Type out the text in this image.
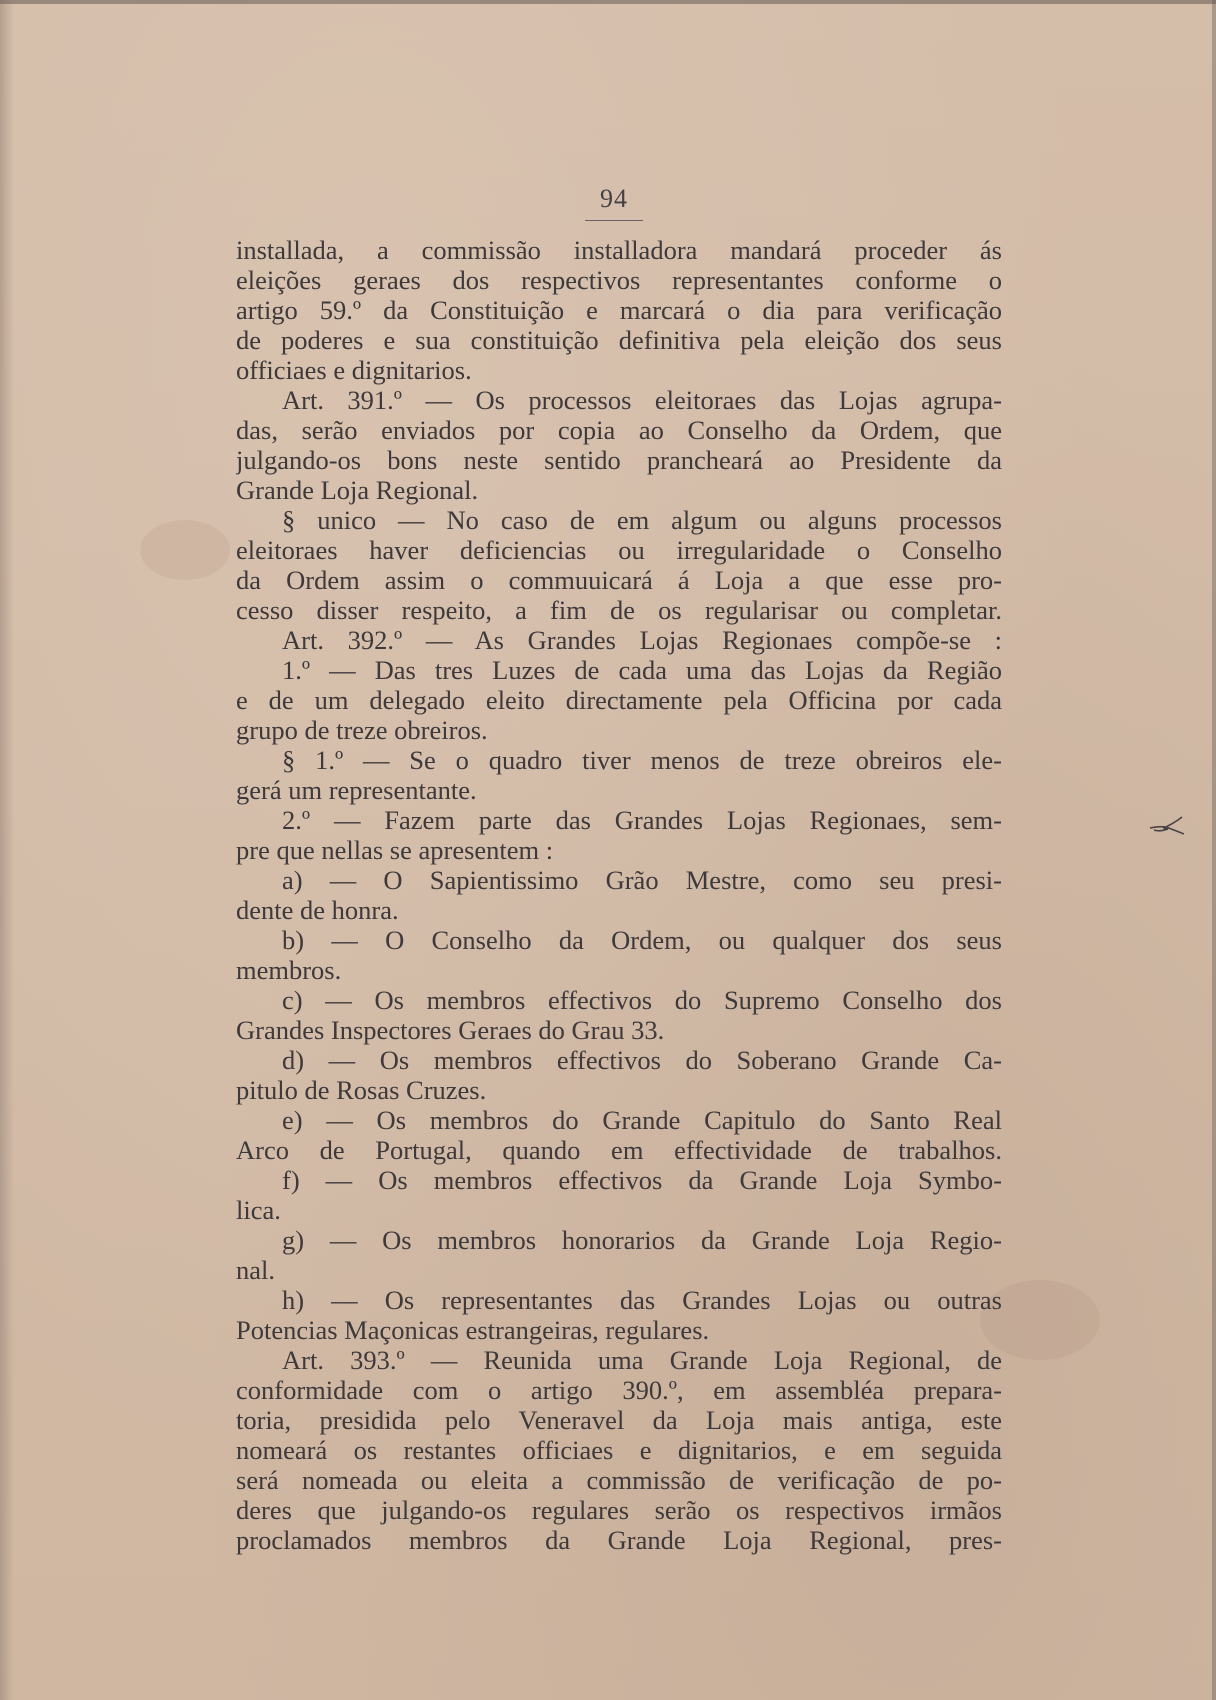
94
installada, a commissão installadora mandará proceder ás
eleições geraes dos respectivos representantes conforme o
artigo 59.º da Constituição e marcará o dia para verificação
de poderes e sua constituição definitiva pela eleição dos seus
officiaes e dignitarios.
Art. 391.º — Os processos eleitoraes das Lojas agrupa-
das, serão enviados por copia ao Conselho da Ordem, que
julgando-os bons neste sentido prancheará ao Presidente da
Grande Loja Regional.
§ unico — No caso de em algum ou alguns processos
eleitoraes haver deficiencias ou irregularidade o Conselho
da Ordem assim o commuuicará á Loja a que esse pro-
cesso disser respeito, a fim de os regularisar ou completar.
Art. 392.º — As Grandes Lojas Regionaes compõe-se :
1.º — Das tres Luzes de cada uma das Lojas da Região
e de um delegado eleito directamente pela Officina por cada
grupo de treze obreiros.
§ 1.º — Se o quadro tiver menos de treze obreiros ele-
gerá um representante.
2.º — Fazem parte das Grandes Lojas Regionaes, sem-
pre que nellas se apresentem :
a) — O Sapientissimo Grão Mestre, como seu presi-
dente de honra.
b) — O Conselho da Ordem, ou qualquer dos seus
membros.
c) — Os membros effectivos do Supremo Conselho dos
Grandes Inspectores Geraes do Grau 33.
d) — Os membros effectivos do Soberano Grande Ca-
pitulo de Rosas Cruzes.
e) — Os membros do Grande Capitulo do Santo Real
Arco de Portugal, quando em effectividade de trabalhos.
f) — Os membros effectivos da Grande Loja Symbo-
lica.
g) — Os membros honorarios da Grande Loja Regio-
nal.
h) — Os representantes das Grandes Lojas ou outras
Potencias Maçonicas estrangeiras, regulares.
Art. 393.º — Reunida uma Grande Loja Regional, de
conformidade com o artigo 390.º, em assembléa prepara-
toria, presidida pelo Veneravel da Loja mais antiga, este
nomeará os restantes officiaes e dignitarios, e em seguida
será nomeada ou eleita a commissão de verificação de po-
deres que julgando-os regulares serão os respectivos irmãos
proclamados membros da Grande Loja Regional, pres-
